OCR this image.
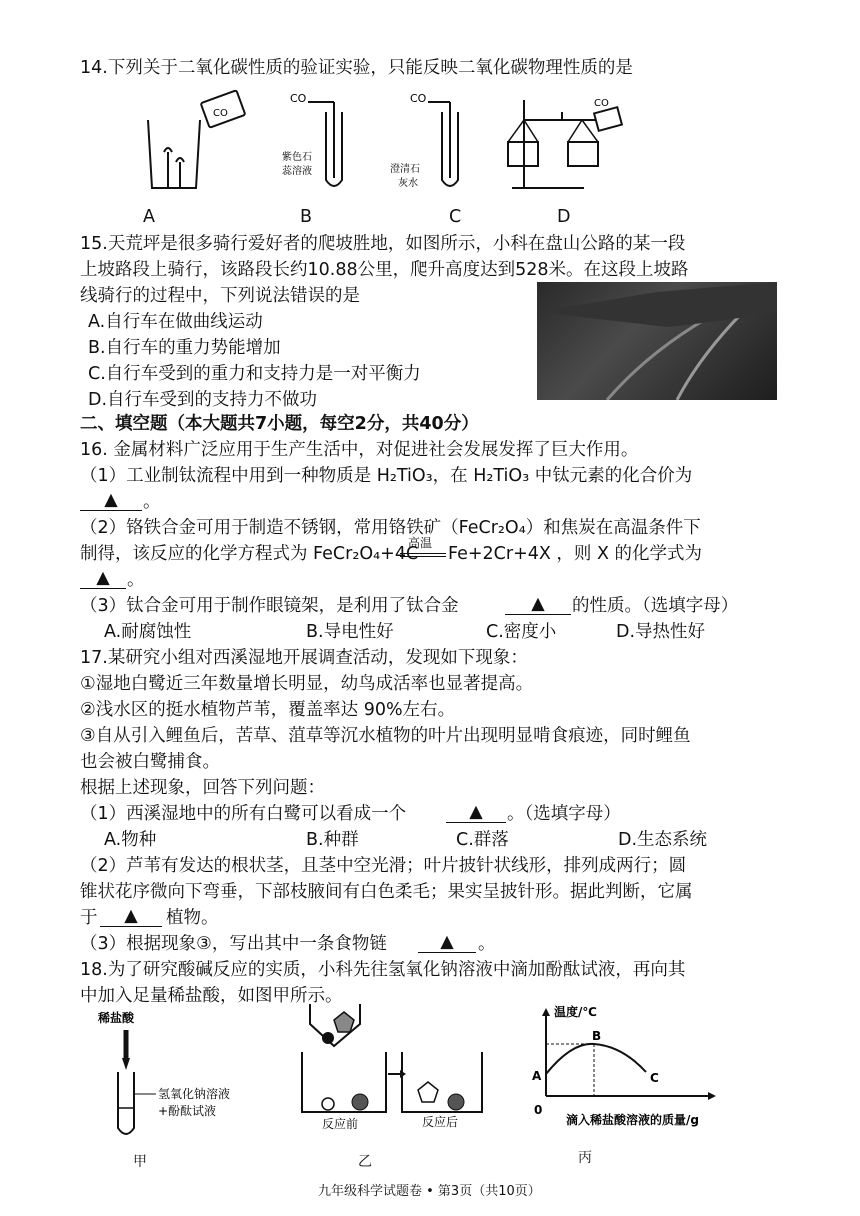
14.下列关于二氧化碳性质的验证实验，只能反映二氧化碳物理性质的是
CO
CO
紫色石
蕊溶液
CO
澄清石
灰水
CO
A	B	C	D
15.天荒坪是很多骑行爱好者的爬坡胜地，如图所示，小科在盘山公路的某一段
上坡路段上骑行，该路段长约10.88公里，爬升高度达到528米。在这段上坡路
线骑行的过程中，下列说法错误的是
A.自行车在做曲线运动
B.自行车的重力势能增加
C.自行车受到的重力和支持力是一对平衡力
D.自行车受到的支持力不做功
二、填空题（本大题共7小题，每空2分，共40分）
16. 金属材料广泛应用于生产生活中，对促进社会发展发挥了巨大作用。
（1）工业制钛流程中用到一种物质是 H₂TiO₃，在 H₂TiO₃ 中钛元素的化合价为
▲	。
（2）铬铁合金可用于制造不锈钢，常用铬铁矿（FeCr₂O₄）和焦炭在高温条件下
制得，该反应的化学方程式为 FeCr₂O₄+4C
高温
Fe+2Cr+4X ，则 X 的化学式为
▲ 。
（3）钛合金可用于制作眼镜架，是利用了钛合金	▲	的性质。（选填字母）
A.耐腐蚀性	B.导电性好	C.密度小	D.导热性好
17.某研究小组对西溪湿地开展调查活动，发现如下现象：
①湿地白鹭近三年数量增长明显，幼鸟成活率也显著提高。
②浅水区的挺水植物芦苇，覆盖率达 90%左右。
③自从引入鲤鱼后，苦草、菹草等沉水植物的叶片出现明显啃食痕迹，同时鲤鱼
也会被白鹭捕食。
根据上述现象，回答下列问题：
（1）西溪湿地中的所有白鹭可以看成一个	▲	。（选填字母）
A.物种	B.种群	C.群落	D.生态系统
（2）芦苇有发达的根状茎，且茎中空光滑；叶片披针状线形，排列成两行；圆
锥状花序微向下弯垂，下部枝腋间有白色柔毛；果实呈披针形。据此判断，它属
于	▲	植物。
（3）根据现象③，写出其中一条食物链	▲	。
18.为了研究酸碱反应的实质，小科先往氢氧化钠溶液中滴加酚酞试液，再向其
中加入足量稀盐酸，如图甲所示。
稀盐酸
氢氧化钠溶液
+酚酞试液
甲
反应前	反应后
乙
温度/℃
A
B
C
0
滴入稀盐酸溶液的质量/g
丙
九年级科学试题卷 • 第3页（共10页）
